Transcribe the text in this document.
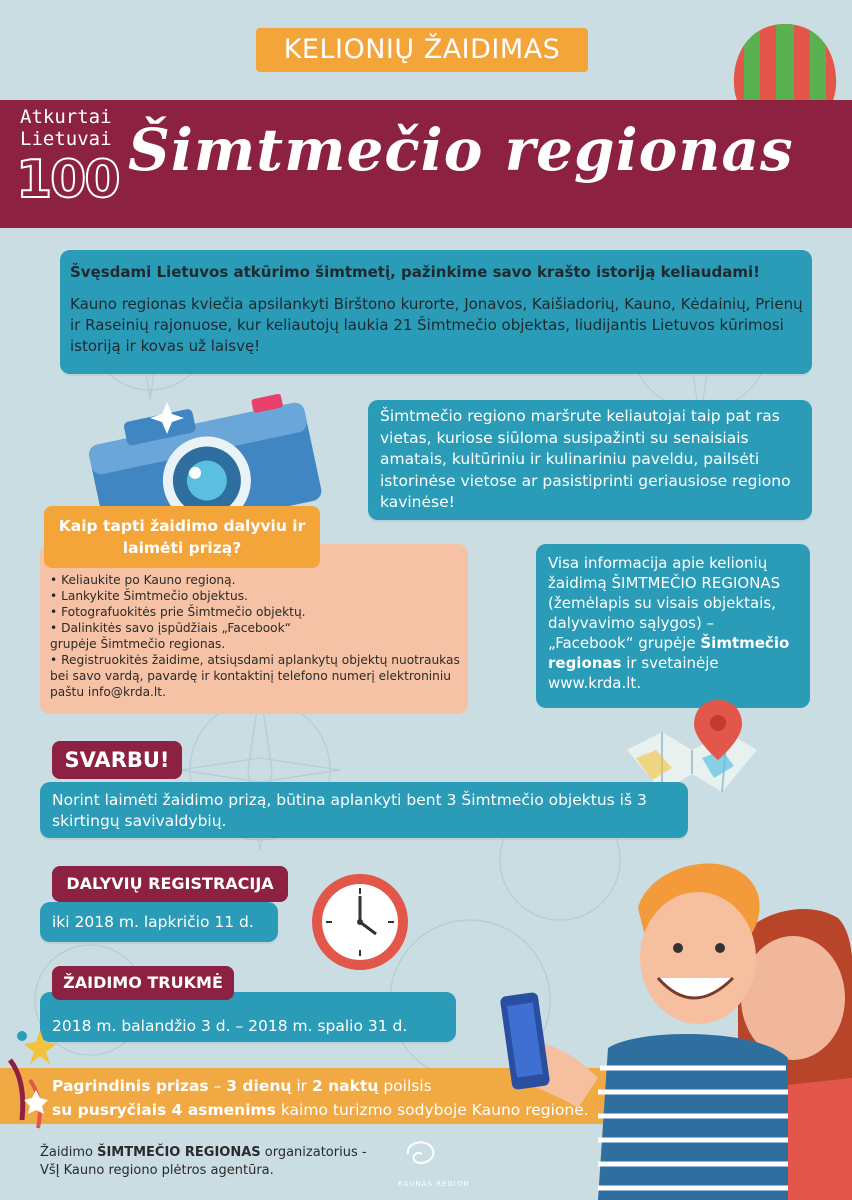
KELIONIŲ ŽAIDIMAS
Atkurtai
Lietuvai
100 Šimtmečio regionas
Švęsdami Lietuvos atkūrimo šimtmetį, pažinkime savo krašto istoriją keliaudami!
Kauno regionas kviečia apsilankyti Birštono kurorte, Jonavos, Kaišiadorių, Kauno, Kėdainių, Prienų ir Raseinių rajonuose, kur keliautojų laukia 21 Šimtmečio objektas, liudijantis Lietuvos kūrimosi istoriją ir kovas už laisvę!
Šimtmečio regiono maršrute keliautojai taip pat ras vietas, kuriose siūloma susipažinti su senaisiais amatais, kultūriniu ir kulinariniu paveldu, pailsėti istorinėse vietose ar pasistiprinti geriausiose regiono kavinėse!
• Keliaukite po Kauno regioną.
• Lankykite Šimtmečio objektus.
• Fotografuokitės prie Šimtmečio objektų.
• Dalinkitės savo įspūdžiais „Facebook“ grupėje Šimtmečio regionas.
• Registruokitės žaidime, atsiųsdami aplankytų objektų nuotraukas bei savo vardą, pavardę ir kontaktinį telefono numerį elektroniniu paštu info@krda.lt.
Kaip tapti žaidimo dalyviu ir laimėti prizą?
Visa informacija apie kelionių žaidimą ŠIMTMEČIO REGIONAS (žemėlapis su visais objektais, dalyvavimo sąlygos) – „Facebook“ grupėje Šimtmečio regionas ir svetainėje www.krda.lt.
SVARBU!
Norint laimėti žaidimo prizą, būtina aplankyti bent 3 Šimtmečio objektus iš 3 skirtingų savivaldybių.
DALYVIŲ REGISTRACIJA
iki 2018 m. lapkričio 11 d.
ŽAIDIMO TRUKMĖ
2018 m. balandžio 3 d. – 2018 m. spalio 31 d.
Pagrindinis prizas – 3 dienų ir 2 naktų poilsis
su pusryčiais 4 asmenims kaimo turizmo sodyboje Kauno regione.
Žaidimo ŠIMTMEČIO REGIONAS organizatorius -
VšĮ Kauno regiono plėtros agentūra.
KAUNAS REGION
